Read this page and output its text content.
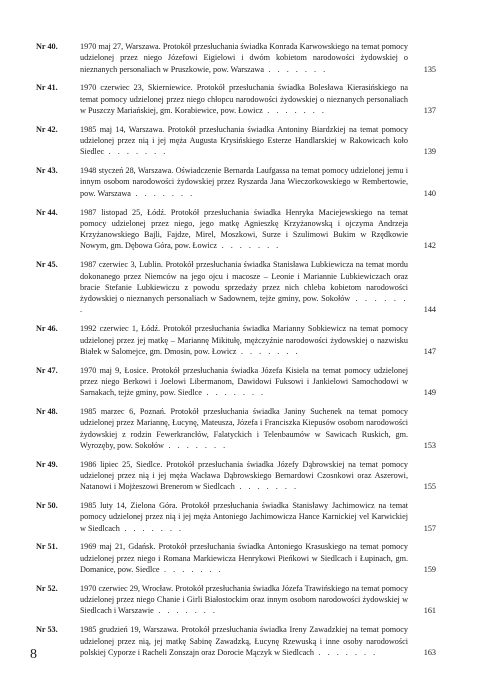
Nr 40.	1970 maj 27, Warszawa. Protokół przesłuchania świadka Konrada Karwowskiego na temat pomocy udzielonej przez niego Józefowi Eigielowi i dwóm kobietom narodowości żydowskiej o nieznanych personaliach w Pruszkowie, pow. Warszawa . . . . . . .	135
Nr 41.	1970 czerwiec 23, Skierniewice. Protokół przesłuchania świadka Bolesława Kierasińskiego na temat pomocy udzielonej przez niego chłopcu narodowości żydowskiej o nieznanych personaliach w Puszczy Mariańskiej, gm. Korabiewice, pow. Łowicz . . . . . . .	137
Nr 42.	1985 maj 14, Warszawa. Protokół przesłuchania świadka Antoniny Biardzkiej na temat pomocy udzielonej przez nią i jej męża Augusta Krysińskiego Esterze Handlarskiej w Rakowicach koło Siedlec . . . . . . .	139
Nr 43.	1948 styczeń 28, Warszawa. Oświadczenie Bernarda Laufgassa na temat pomocy udzielonej jemu i innym osobom narodowości żydowskiej przez Ryszarda Jana Wieczorkowskiego w Rembertowie, pow. Warszawa . . . . . . .	140
Nr 44.	1987 listopad 25, Łódź. Protokół przesłuchania świadka Henryka Maciejewskiego na temat pomocy udzielonej przez niego, jego matkę Agnieszkę Krzyżanowską i ojczyma Andrzeja Krzyżanowskiego Bajli, Fajdze, Mirel, Moszkowi, Surze i Szulimowi Bukim w Rzędkowie Nowym, gm. Dębowa Góra, pow. Łowicz . . . . . . .	142
Nr 45.	1987 czerwiec 3, Lublin. Protokół przesłuchania świadka Stanisława Lubkiewicza na temat mordu dokonanego przez Niemców na jego ojcu i macosze – Leonie i Mariannie Lubkiewiczach oraz bracie Stefanie Lubkiewiczu z powodu sprzedaży przez nich chleba kobietom narodowości żydowskiej o nieznanych personaliach w Sadownem, tejże gminy, pow. Sokołów . . . . . . .	144
Nr 46.	1992 czerwiec 1, Łódź. Protokół przesłuchania świadka Marianny Sobkiewicz na temat pomocy udzielonej przez jej matkę – Mariannę Mikitułę, mężczyźnie narodowości żydowskiej o nazwisku Białek w Salomejce, gm. Dmosin, pow. Łowicz . . . . . . .	147
Nr 47.	1970 maj 9, Łosice. Protokół przesłuchania świadka Józefa Kisiela na temat pomocy udzielonej przez niego Berkowi i Joelowi Libermanom, Dawidowi Fuksowi i Jankielowi Samochodowi w Sarnakach, tejże gminy, pow. Siedlce . . . . . . .	149
Nr 48.	1985 marzec 6, Poznań. Protokół przesłuchania świadka Janiny Suchenek na temat pomocy udzielonej przez Mariannę, Łucynę, Mateusza, Józefa i Franciszka Kiepusów osobom narodowości żydowskiej z rodzin Fewerkrancłów, Falatyckich i Telenbaumów w Sawicach Ruskich, gm. Wyrozęby, pow. Sokołów . . . . . . .	153
Nr 49.	1986 lipiec 25, Siedlce. Protokół przesłuchania świadka Józefy Dąbrowskiej na temat pomocy udzielonej przez nią i jej męża Wacława Dąbrowskiego Bernardowi Czosnkowi oraz Aszerowi, Natanowi i Mojżeszowi Brenerom w Siedlcach . . . . . . .	155
Nr 50.	1985 luty 14, Zielona Góra. Protokół przesłuchania świadka Stanisławy Jachimowicz na temat pomocy udzielonej przez nią i jej męża Antoniego Jachimowicza Hance Karnickiej vel Karwickiej w Siedlcach . . . . . . .	157
Nr 51.	1969 maj 21, Gdańsk. Protokół przesłuchania świadka Antoniego Krasuskiego na temat pomocy udzielonej przez niego i Romana Markiewicza Henrykowi Pieńkowi w Siedlcach i Łupinach, gm. Domanice, pow. Siedlce . . . . . . .	159
Nr 52.	1970 czerwiec 29, Wrocław. Protokół przesłuchania świadka Józefa Trawińskiego na temat pomocy udzielonej przez niego Chanie i Girli Białostockim oraz innym osobom narodowości żydowskiej w Siedlcach i Warszawie . . . . . . .	161
Nr 53.	1985 grudzień 19, Warszawa. Protokół przesłuchania świadka Ireny Zawadzkiej na temat pomocy udzielonej przez nią, jej matkę Sabinę Zawadzką, Łucynę Rzewuską i inne osoby narodowości polskiej Cyporze i Racheli Zonszajn oraz Dorocie Mączyk w Siedlcach . . . . . . .	163
8
